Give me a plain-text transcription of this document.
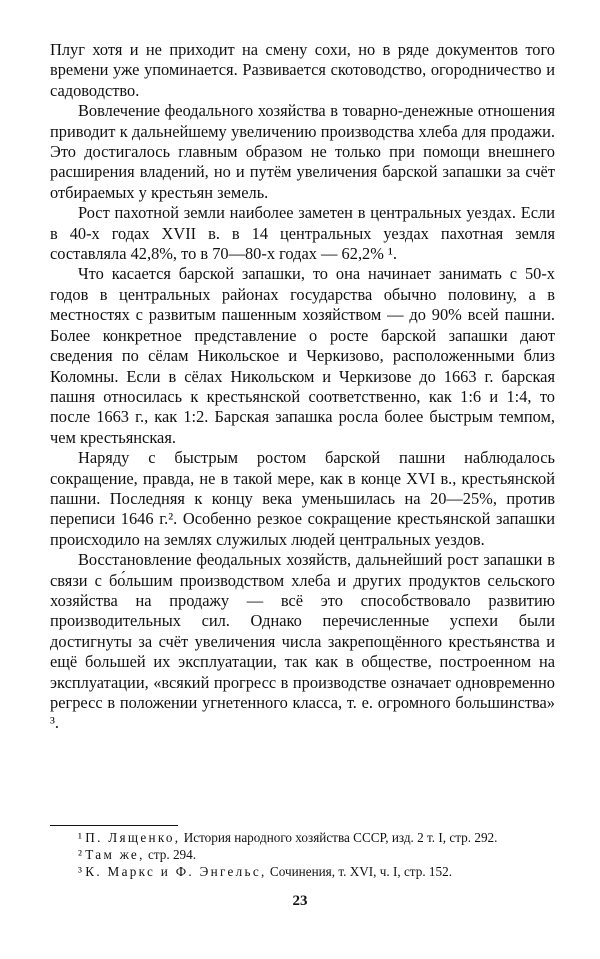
Плуг хотя и не приходит на смену сохи, но в ряде документов того времени уже упоминается. Развивается скотоводство, огородничество и садоводство.

Вовлечение феодального хозяйства в товарно-денежные отношения приводит к дальнейшему увеличению производства хлеба для продажи. Это достигалось главным образом не только при помощи внешнего расширения владений, но и путём увеличения барской запашки за счёт отбираемых у крестьян земель.

Рост пахотной земли наиболее заметен в центральных уездах. Если в 40-х годах XVII в. в 14 центральных уездах пахотная земля составляла 42,8%, то в 70—80-х годах — 62,2% ¹.

Что касается барской запашки, то она начинает занимать с 50-х годов в центральных районах государства обычно половину, а в местностях с развитым пашенным хозяйством — до 90% всей пашни. Более конкретное представление о росте барской запашки дают сведения по сёлам Никольское и Черкизово, расположенными близ Коломны. Если в сёлах Никольском и Черкизове до 1663 г. барская пашня относилась к крестьянской соответственно, как 1:6 и 1:4, то после 1663 г., как 1:2. Барская запашка росла более быстрым темпом, чем крестьянская.

Наряду с быстрым ростом барской пашни наблюдалось сокращение, правда, не в такой мере, как в конце XVI в., крестьянской пашни. Последняя к концу века уменьшилась на 20—25%, против переписи 1646 г.². Особенно резкое сокращение крестьянской запашки происходило на землях служилых людей центральных уездов.

Восстановление феодальных хозяйств, дальнейший рост запашки в связи с бо́льшим производством хлеба и других продуктов сельского хозяйства на продажу — всё это способствовало развитию производительных сил. Однако перечисленные успехи были достигнуты за счёт увеличения числа закрепощённого крестьянства и ещё большей их эксплуатации, так как в обществе, построенном на эксплуатации, «всякий прогресс в производстве означает одновременно регресс в положении угнетенного класса, т. е. огромного большинства» ³.

¹ П. Лященко, История народного хозяйства СССР, изд. 2 т. I, стр. 292.

² Там же, стр. 294.

³ К. Маркс и Ф. Энгельс, Сочинения, т. XVI, ч. I, стр. 152.

23
